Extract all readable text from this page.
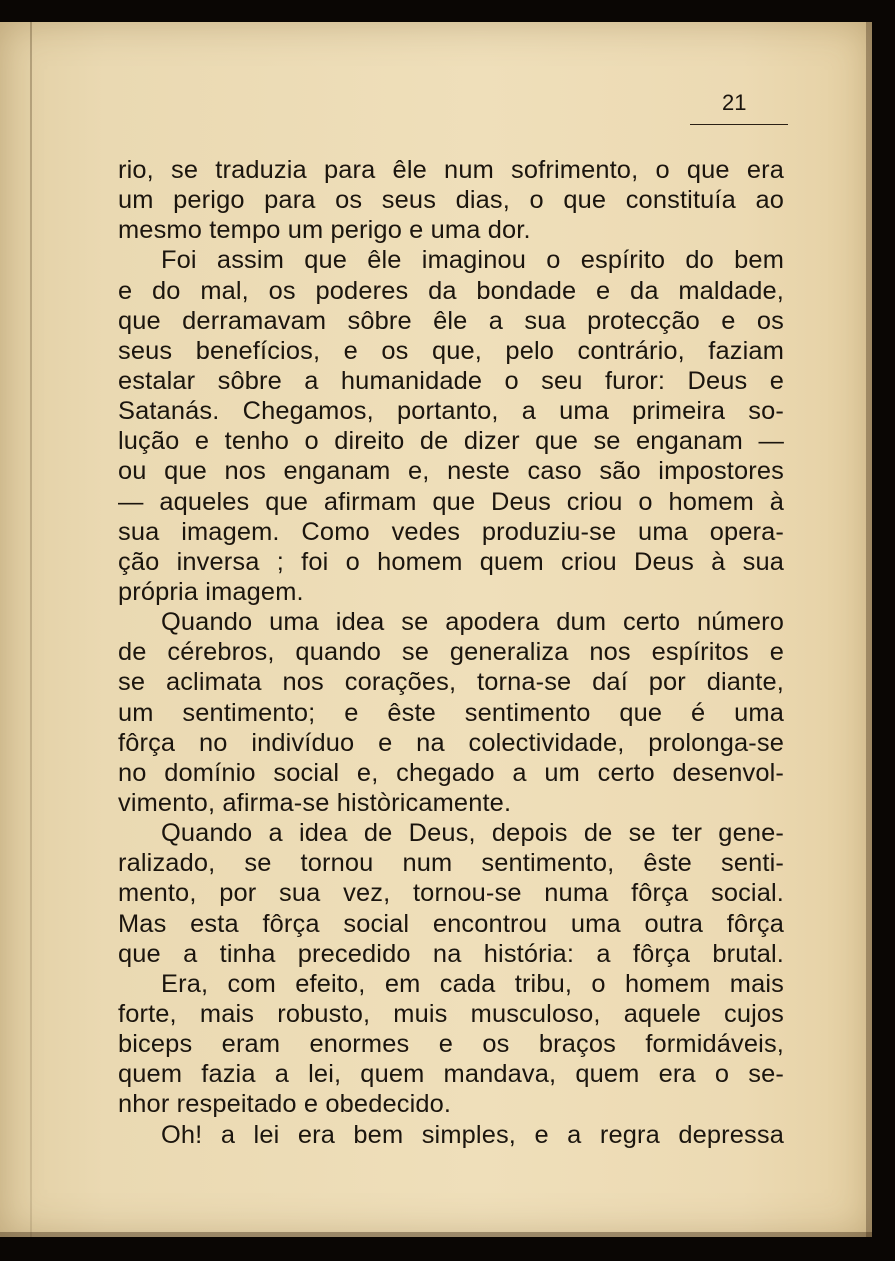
21
rio, se traduzia para êle num sofrimento, o que era
um perigo para os seus dias, o que constituía ao
mesmo tempo um perigo e uma dor.
Foi assim que êle imaginou o espírito do bem
e do mal, os poderes da bondade e da maldade,
que derramavam sôbre êle a sua protecção e os
seus benefícios, e os que, pelo contrário, faziam
estalar sôbre a humanidade o seu furor: Deus e
Satanás. Chegamos, portanto, a uma primeira so-
lução e tenho o direito de dizer que se enganam —
ou que nos enganam e, neste caso são impostores
— aqueles que afirmam que Deus criou o homem à
sua imagem. Como vedes produziu-se uma opera-
ção inversa ; foi o homem quem criou Deus à sua
própria imagem.
Quando uma idea se apodera dum certo número
de cérebros, quando se generaliza nos espíritos e
se aclimata nos corações, torna-se daí por diante,
um sentimento; e êste sentimento que é uma
fôrça no indivíduo e na colectividade, prolonga-se
no domínio social e, chegado a um certo desenvol-
vimento, afirma-se històricamente.
Quando a idea de Deus, depois de se ter gene-
ralizado, se tornou num sentimento, êste senti-
mento, por sua vez, tornou-se numa fôrça social.
Mas esta fôrça social encontrou uma outra fôrça
que a tinha precedido na história: a fôrça brutal.
Era, com efeito, em cada tribu, o homem mais
forte, mais robusto, muis musculoso, aquele cujos
biceps eram enormes e os braços formidáveis,
quem fazia a lei, quem mandava, quem era o se-
nhor respeitado e obedecido.
Oh! a lei era bem simples, e a regra depressa
